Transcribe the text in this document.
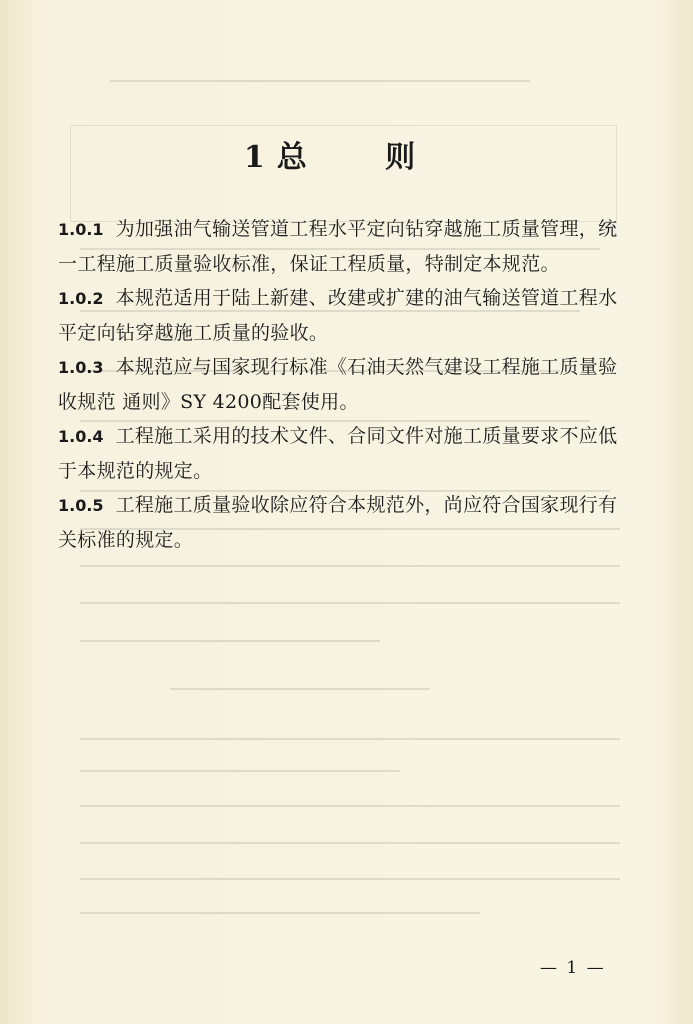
1 总 则

1.0.1 为加强油气输送管道工程水平定向钻穿越施工质量管理，统一工程施工质量验收标准，保证工程质量，特制定本规范。

1.0.2 本规范适用于陆上新建、改建或扩建的油气输送管道工程水平定向钻穿越施工质量的验收。

1.0.3 本规范应与国家现行标准《石油天然气建设工程施工质量验收规范 通则》SY 4200配套使用。

1.0.4 工程施工采用的技术文件、合同文件对施工质量要求不应低于本规范的规定。

1.0.5 工程施工质量验收除应符合本规范外，尚应符合国家现行有关标准的规定。

— 1 —
